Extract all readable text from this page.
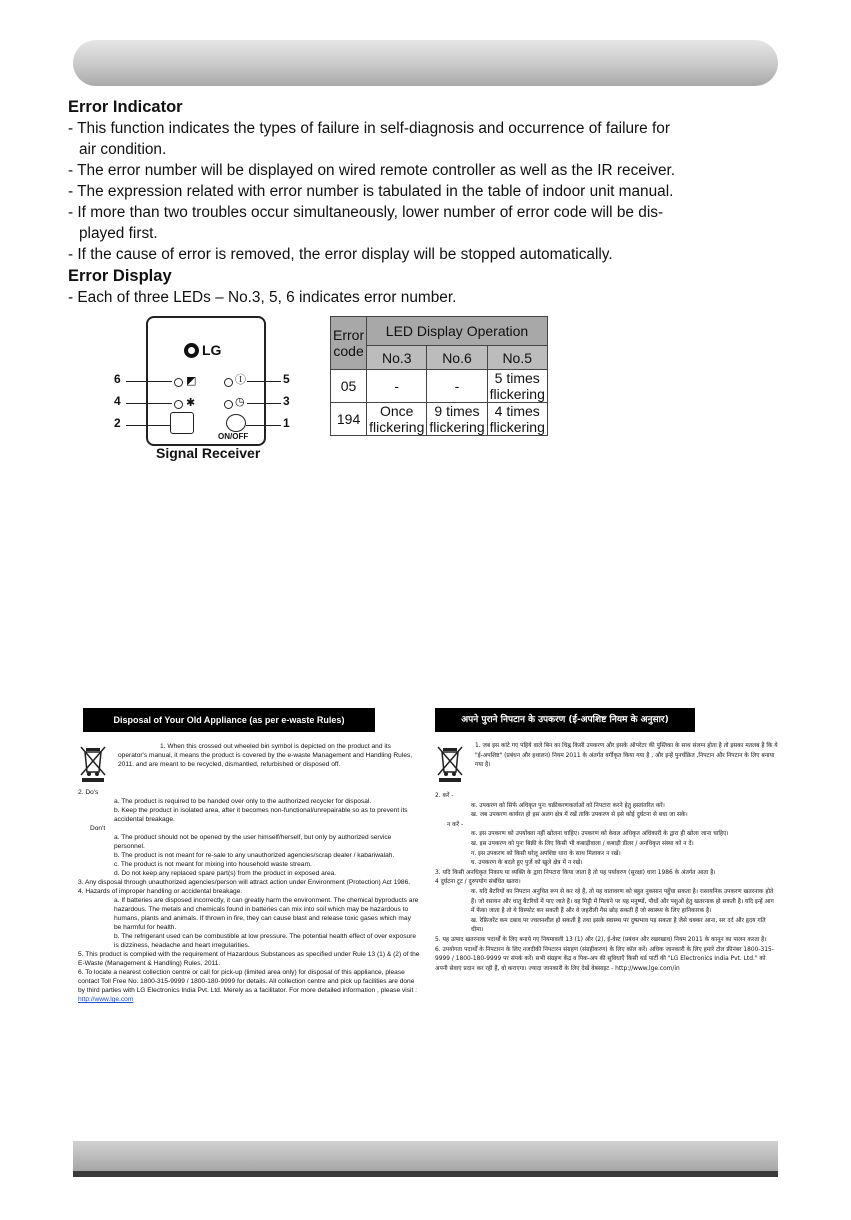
Error Indicator

- This function indicates the types of failure in self-diagnosis and occurrence of failure for
air condition.

- The error number will be displayed on wired remote controller as well as the IR receiver.

- The expression related with error number is tabulated in the table of indoor unit manual.

- If more than two troubles occur simultaneously, lower number of error code will be dis-
played first.

- If the cause of error is removed, the error display will be stopped automatically.

Error Display

- Each of three LEDs – No.3, 5, 6 indicates error number.

LG
◩	Ⓘ
✱	◷
ON/OFF
6	5
4	3
2	1
Signal Receiver
Error code	LED Display Operation		
	No.3	No.6	No.5
05	-	-	5 times flickering
194	Once flickering	9 times flickering	4 times flickering
Disposal of Your Old Appliance (as per e-waste Rules)

1. When this crossed out wheeled bin symbol is depicted on the product and its operator's manual, it means the product is covered by the e-waste Management and Handling Rules, 2011. and are meant to be recycled, dismantled, refurbished or disposed off.

2. Do's

a. The product is required to be handed over only to the authorized recycler for disposal.

b. Keep the product in isolated area, after it becomes non-functional/unrepairable so as to prevent its accidental breakage.

Don't

a. The product should not be opened by the user himself/herself, but only by authorized service personnel.

b. The product is not meant for re-sale to any unauthorized agencies/scrap dealer / kabariwalah.

c. The product is not meant for mixing into household waste stream.

d. Do not keep any replaced spare part(s) from the product in exposed area.

3. Any disposal through unauthorized agencies/person will attract action under Environment (Protection) Act 1986.

4. Hazards of improper handling or accidental breakage.

a. If batteries are disposed incorrectly, it can greatly harm the environment. The chemical byproducts are hazardous. The metals and chemicals found in batteries can mix into soil which may be hazardous to humans, plants and animals. If thrown in fire, they can cause blast and release toxic gases which may be harmful for health.

b. The refrigerant used can be combustible at low pressure. The potential health effect of over exposure is dizziness, headache and heart irregularities.

5. This product is complied with the requirement of Hazardous Substances as specified under Rule 13 (1) & (2) of the E-Waste (Management & Handling) Rules, 2011.

6. To locate a nearest collection centre or call for pick-up (limited area only) for disposal of this appliance, please contact Toll Free No. 1800-315-9999 / 1800-180-9999 for details. All collection centre and pick up facilities are done by third parties with LG Electronics India Pvt. Ltd. Merely as a facilitator. For more detailed information , please visit : http://www.lge.com

अपने पुराने निपटान के उपकरण (ई-अपशिष्ट नियम के अनुसार)

1. जब इस कांटे गए पहिये वाले बिन का चिह्न किसी उपकरण और इसके ऑपरेटर की पुस्तिका के साथ संलग्न होता है तो इसका मतलब है कि ये "ई-अपशिष्ट" (प्रबंधन और हथालन) नियम 2011 के अंतर्गत वर्गीकृत किया गया है , और इन्हें पुनर्चक्रित ,निपटान और निपटान के लिए बनाया गया है।

2. करें -

क. उपकरण को सिर्फ अधिकृत पुनः चक्रीकरणकर्ताओं को निपटारा करने हेतु हस्तांतरित करें।

ख. जब उपकरण कार्यरत हो इस अलग क्षेत्र में रखें ताकि उपकरण से इसे कोई दुर्घटना से बचा जा सके।

न करें -

क. इस उपकरण को उपयोक्ता नहीं खोलना चाहिए। उपकरण को केवल अधिकृत अधिकारी के द्वारा ही खोला जाना चाहिए।

ख. इस उपकरण को पुनः बिक्री के लिए किसी भी कबाड़ीवाला / कबाड़ी डीलर / अनधिकृत संस्था को न दें।

ग. इस उपकरण को किसी घरेलू अपशिष्ट धारा के साथ मिलाकर न रखें।

घ. उपकरण के बदले हुए पुर्जे को खुले क्षेत्र में न रखें।

3. यदि किसी अनधिकृत निकाय या व्यक्ति के द्वारा निपटारा किया जाता है तो यह पर्यावरण (सुरक्षा) धारा 1986 के अंतर्गत आता है।

4 दुर्घटना टूट / दुरुपयोग संबंधित खतरा।

क. यदि बैटरियों का निपटान अनुचित रूप से कर रहे हैं, तो यह वातावरण को बहुत नुकसान पहुँचा सकता है। रासायनिक उपकरण खतरनाक होते हैं। जो रसायन और धातु बैटरियों में पाए जाते हैं। वह मिट्टी में मिलाने पर यह मनुष्यों, पौधों और पशुओं हेतु खतरनाक हो सकती है। यदि इन्हें आग में फेंका जाता है तो ये विस्फोट कर सकती हैं और वे जहरीली गैस छोड़ सकती हैं जो स्वास्थ्य के लिए हानिकारक है।

ख. रेफ्रिजरेंट कम दबाव पर ज्वलनशील हो सकती है तथा इसके स्वास्थ्य पर दुष्प्रभाव पड़ सकता है जैसे चक्कर आना, सर दर्द और हृदय गति धीमा।

5. यह उत्पाद खतरनाक पदार्थों के लिए बनाये गए नियमावली 13 (1) और (2), ई-वेस्ट (प्रबंधन और रखरखाव) नियम 2011 के कानून का पालन करता है।

6. उपयोगता पदार्थों के निपटारन के लिए नजदीकी निपटारन संग्रहण (संग्रहीकरण) के लिए कॉल करें। अधिक जानकारी के लिए हमारे टोल फ्रीनंबर 1800-315-9999 / 1800-180-9999 पर संपर्क करें। सभी संग्रहण केंद्र व पिक-अप की सुविधाएँ किसी थर्ड पार्टी की "LG Electronics India Pvt. Ltd." को अपनी सेवाएं प्रदान कर रही हैं, वो कराएगा। ज्यादा जानकारी के लिए देखें वेबसाइट - http://www.lge.com/in
